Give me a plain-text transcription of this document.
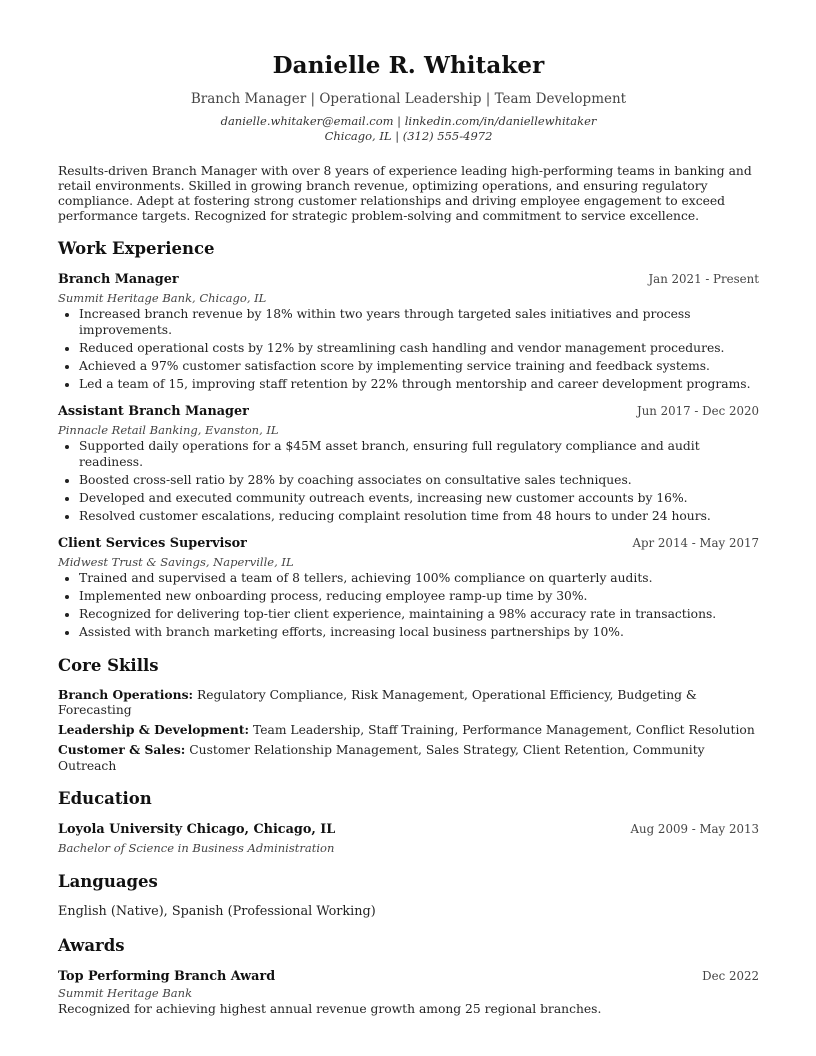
Danielle R. Whitaker
Branch Manager | Operational Leadership | Team Development
danielle.whitaker@email.com | linkedin.com/in/daniellewhitaker
Chicago, IL | (312) 555-4972

Results-driven Branch Manager with over 8 years of experience leading high-performing teams in banking and retail environments. Skilled in growing branch revenue, optimizing operations, and ensuring regulatory compliance. Adept at fostering strong customer relationships and driving employee engagement to exceed performance targets. Recognized for strategic problem-solving and commitment to service excellence.

Work Experience
Branch Manager	Jan 2021 - Present
Summit Heritage Bank, Chicago, IL
• Increased branch revenue by 18% within two years through targeted sales initiatives and process improvements.
• Reduced operational costs by 12% by streamlining cash handling and vendor management procedures.
• Achieved a 97% customer satisfaction score by implementing service training and feedback systems.
• Led a team of 15, improving staff retention by 22% through mentorship and career development programs.
Assistant Branch Manager	Jun 2017 - Dec 2020
Pinnacle Retail Banking, Evanston, IL
• Supported daily operations for a $45M asset branch, ensuring full regulatory compliance and audit readiness.
• Boosted cross-sell ratio by 28% by coaching associates on consultative sales techniques.
• Developed and executed community outreach events, increasing new customer accounts by 16%.
• Resolved customer escalations, reducing complaint resolution time from 48 hours to under 24 hours.
Client Services Supervisor	Apr 2014 - May 2017
Midwest Trust & Savings, Naperville, IL
• Trained and supervised a team of 8 tellers, achieving 100% compliance on quarterly audits.
• Implemented new onboarding process, reducing employee ramp-up time by 30%.
• Recognized for delivering top-tier client experience, maintaining a 98% accuracy rate in transactions.
• Assisted with branch marketing efforts, increasing local business partnerships by 10%.
Core Skills
Branch Operations: Regulatory Compliance, Risk Management, Operational Efficiency, Budgeting & Forecasting
Leadership & Development: Team Leadership, Staff Training, Performance Management, Conflict Resolution
Customer & Sales: Customer Relationship Management, Sales Strategy, Client Retention, Community Outreach
Education
Loyola University Chicago, Chicago, IL	Aug 2009 - May 2013
Bachelor of Science in Business Administration
Languages
English (Native), Spanish (Professional Working)
Awards
Top Performing Branch Award	Dec 2022
Summit Heritage Bank
Recognized for achieving highest annual revenue growth among 25 regional branches.
